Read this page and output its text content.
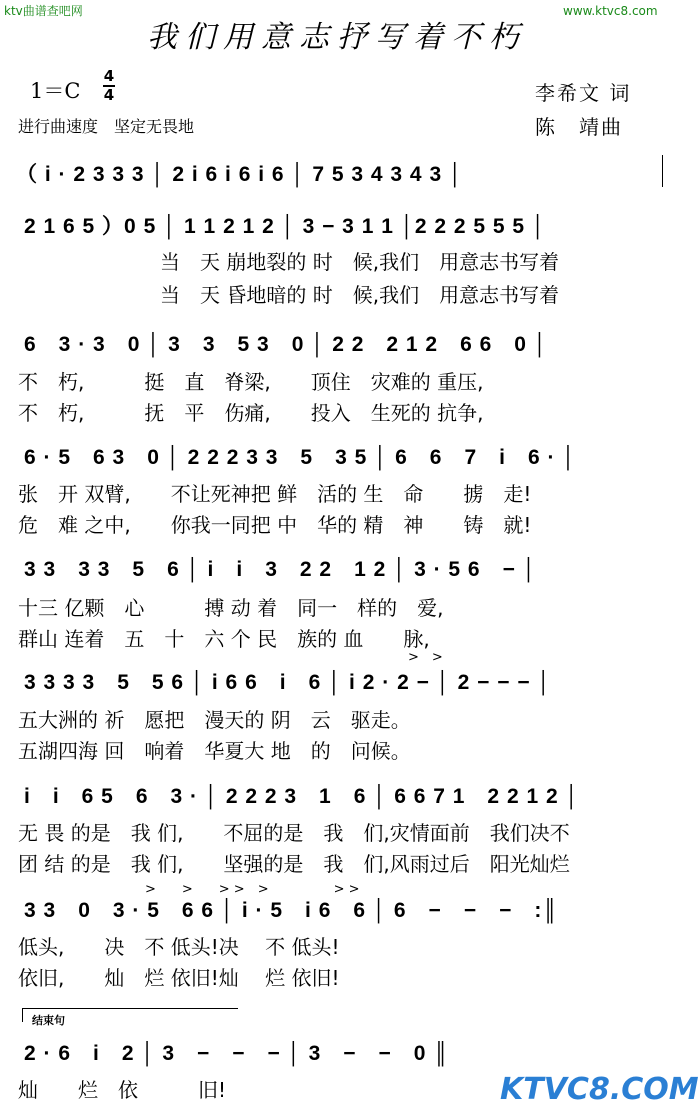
ktv曲谱查吧网	www.ktvc8.com
我们用意志抒写着不朽
1＝C
4
4
进行曲速度　坚定无畏地
李希文 词
陈　靖曲
（ i · 2 3 3 3 │ 2 i 6 i 6 i 6 │ 7 5 3 4 3 4 3 │
2 1 6 5 ）0 5 │ 1 1 2 1 2 │ 3 − 3 1 1 │2 2 2 5 5 5 │
当　天 崩地裂的 时　候,我们　用意志书写着
当　天 昏地暗的 时　候,我们　用意志书写着
6　3 · 3　0 │ 3　3　5 3　0 │ 2 2　2 1 2　6 6　0 │
不　朽,　　　挺　直　脊梁,　　顶住　灾难的 重压,
不　朽,　　　抚　平　伤痛,　　投入　生死的 抗争,
6 · 5　6 3　0 │ 2 2 2 3 3　5　3 5 │ 6　6　7　i　6 · │
张　开 双臂,　　不让死神把 鲜　活的 生　命　　掳　走!
危　难 之中,　　你我一同把 中　华的 精　神　　铸　就!
3 3　3 3　5　6 │ i　i　3　2 2　1 2 │ 3 · 5 6　− │
十三 亿颗　心　　　搏 动 着　同一　样的　爱,
群山 连着　五　十　六 个 民　族的 血　　脉,
>　>
3 3 3 3　5　5 6 │ i 6 6　i　6 │ i 2 · 2 − │ 2 − − − │
五大洲的 祈　愿把　漫天的 阴　云　驱走。
五湖四海 回　响着　华夏大 地　的　问候。
i　i　6 5　6　3 · │ 2 2 2 3　1　6 │ 6 6 7 1　2 2 1 2 │
无 畏 的是　我 们,　　不屈的是　我　们,灾情面前　我们决不
团 结 的是　我 们,　　坚强的是　我　们,风雨过后　阳光灿烂
>　　>　　> >　>　　　　　> >
3 3　0　3 · 5　6 6 │ i · 5　i 6　6 │ 6　−　−　−　:║
低头,　　决　不 低头!决　 不 低头!
依旧,　　灿　烂 依旧!灿　 烂 依旧!
结束句
2 · 6　i　2 │ 3　−　−　− │ 3　−　−　0 ║
灿　　烂　依　　　旧!	KTVC8.COM
